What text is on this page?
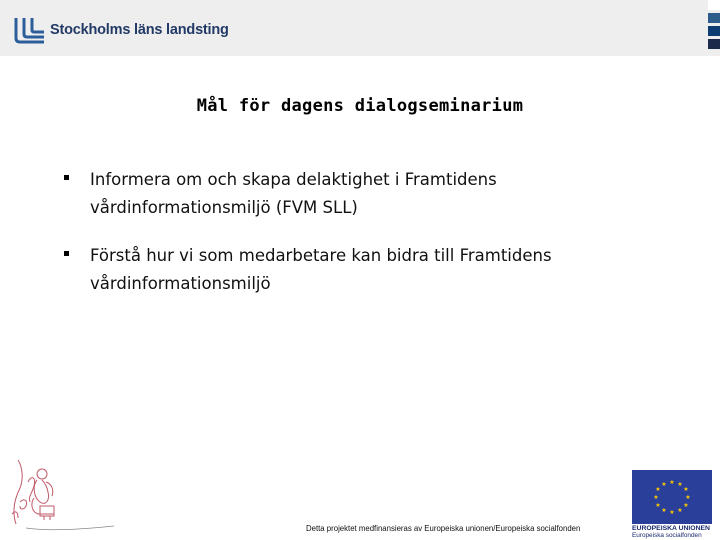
Stockholms läns landsting
Mål för dagens dialogseminarium
Informera om och skapa delaktighet i Framtidens
vårdinformationsmiljö (FVM SLL)
Förstå hur vi som medarbetare kan bidra till Framtidens
vårdinformationsmiljö
Detta projektet medfinansieras av Europeiska unionen/Europeiska socialfonden
★ ★
★
★
★
★
★
★
★
★
★
★
EUROPEISKA UNIONEN
Europeiska socialfonden
